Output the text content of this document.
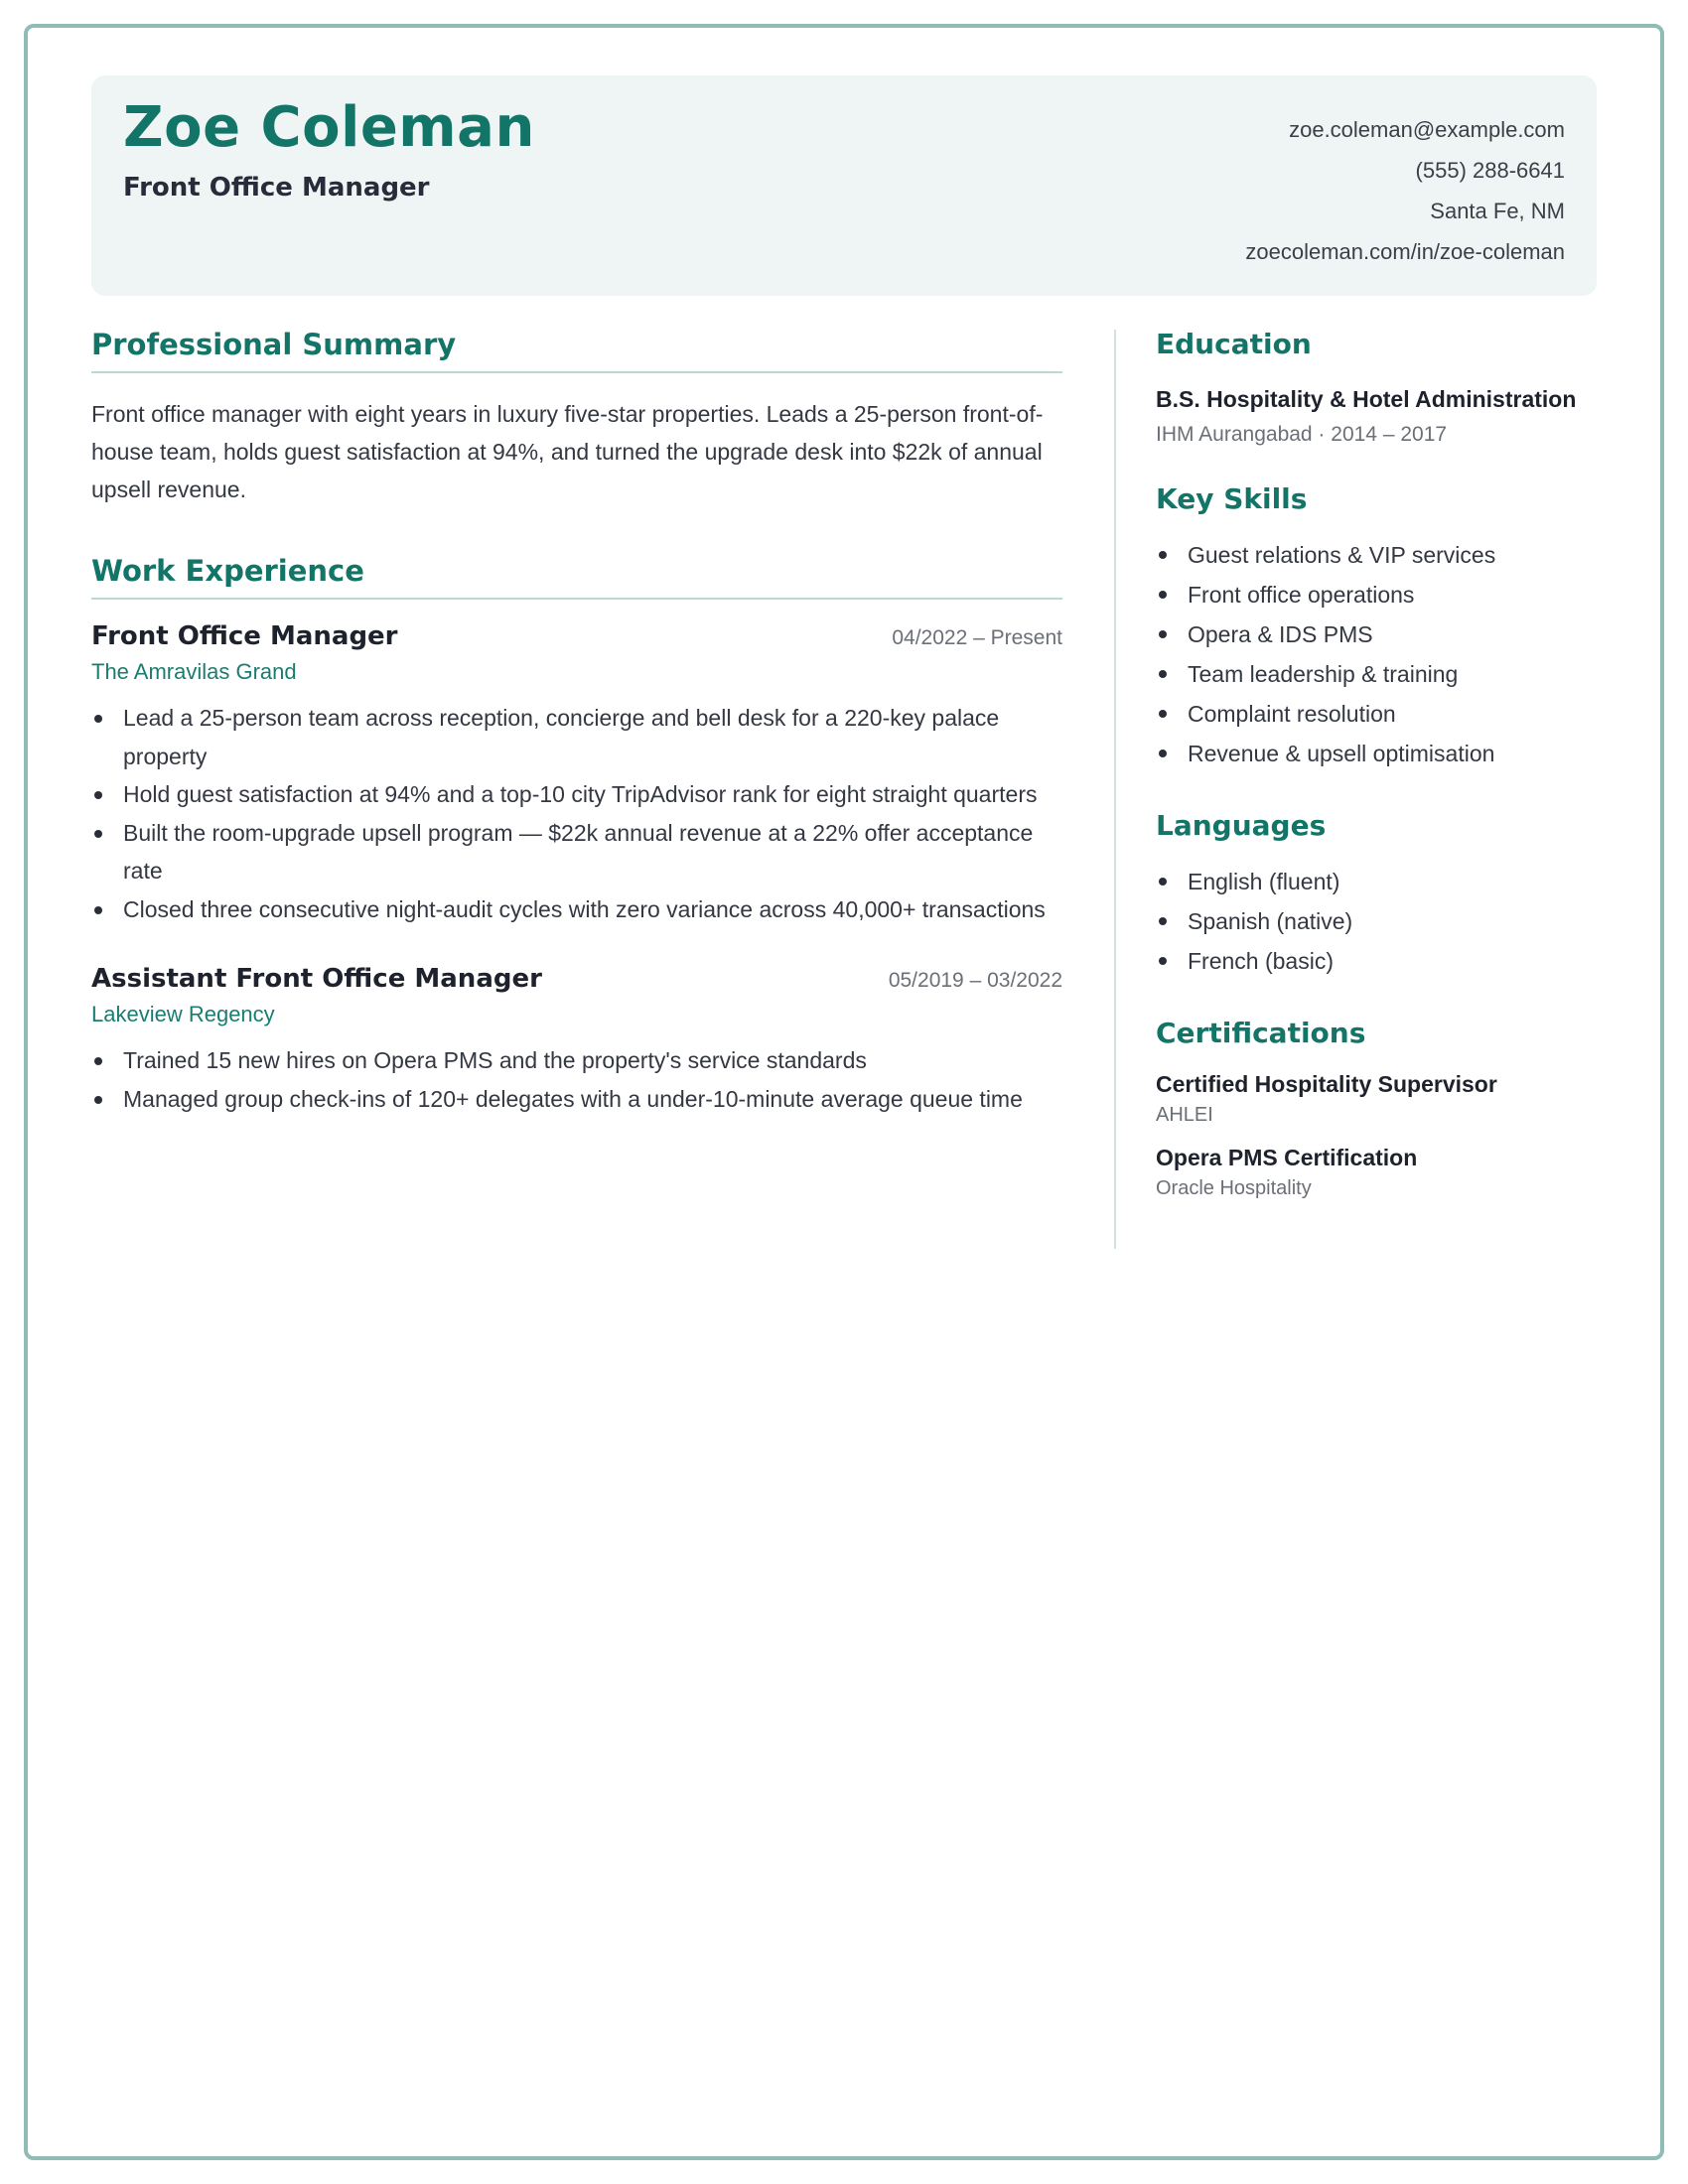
Zoe Coleman
Front Office Manager
zoe.coleman@example.com
(555) 288-6641
Santa Fe, NM
zoecoleman.com/in/zoe-coleman
Professional Summary

Front office manager with eight years in luxury five-star properties. Leads a 25-person front-of-house team, holds guest satisfaction at 94%, and turned the upgrade desk into $22k of annual upsell revenue.

Work Experience
Front Office Manager	04/2022 – Present
The Amravilas Grand
Lead a 25-person team across reception, concierge and bell desk for a 220-key palace property
Hold guest satisfaction at 94% and a top-10 city TripAdvisor rank for eight straight quarters
Built the room-upgrade upsell program — $22k annual revenue at a 22% offer acceptance rate
Closed three consecutive night-audit cycles with zero variance across 40,000+ transactions
Assistant Front Office Manager	05/2019 – 03/2022
Lakeview Regency
Trained 15 new hires on Opera PMS and the property's service standards
Managed group check-ins of 120+ delegates with a under-10-minute average queue time
Education
B.S. Hospitality & Hotel Administration
IHM Aurangabad · 2014 – 2017
Key Skills
Guest relations & VIP services
Front office operations
Opera & IDS PMS
Team leadership & training
Complaint resolution
Revenue & upsell optimisation
Languages
English (fluent)
Spanish (native)
French (basic)
Certifications
Certified Hospitality Supervisor
AHLEI
Opera PMS Certification
Oracle Hospitality
